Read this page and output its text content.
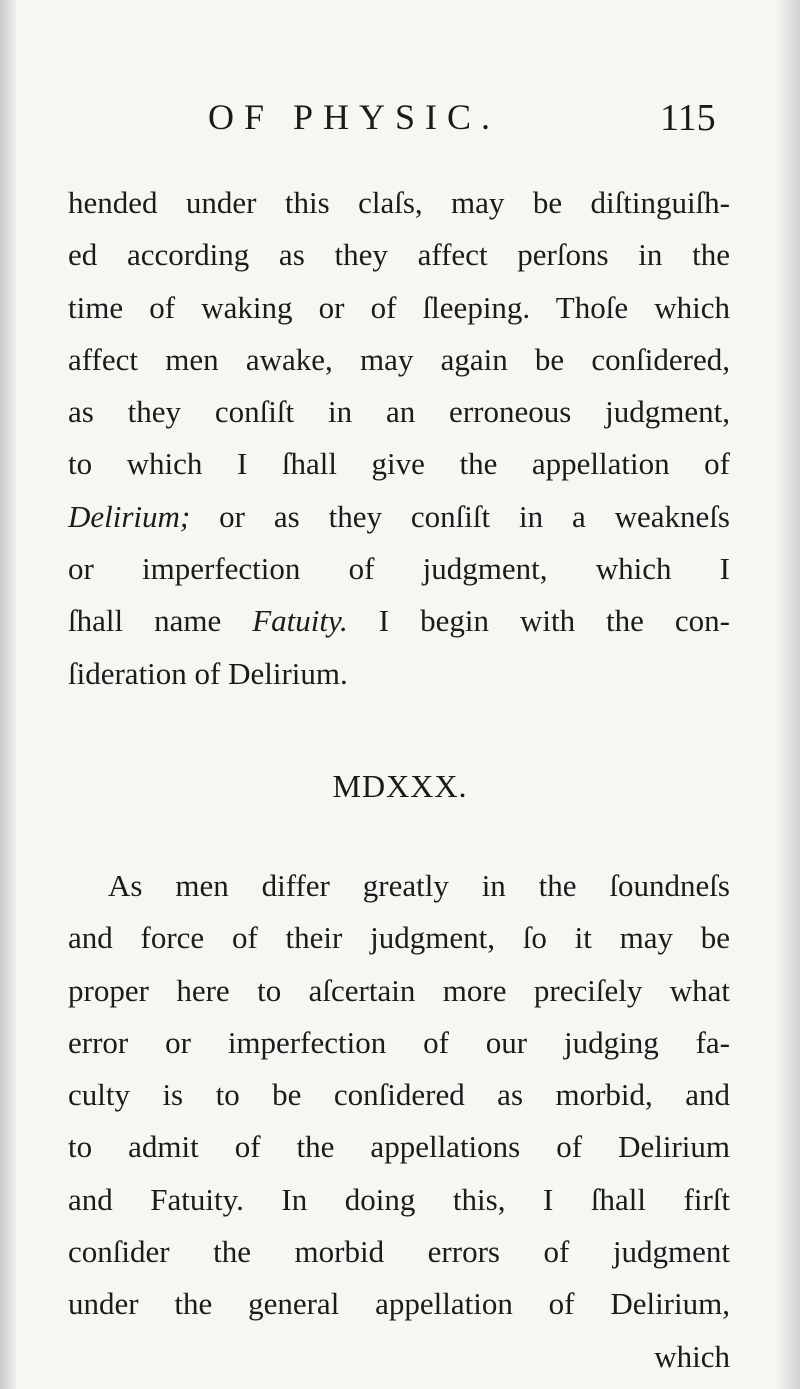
OF PHYSIC.	115
hended under this claſs, may be diſtinguiſh-
ed according as they affect perſons in the
time of waking or of ſleeping. Thoſe which
affect men awake, may again be conſidered,
as they conſiſt in an erroneous judgment,
to which I ſhall give the appellation of
Delirium; or as they conſiſt in a weakneſs
or imperfection of judgment, which I
ſhall name Fatuity. I begin with the con-
ſideration of Delirium.
MDXXX.
As men differ greatly in the ſoundneſs
and force of their judgment, ſo it may be
proper here to aſcertain more preciſely what
error or imperfection of our judging fa-
culty is to be conſidered as morbid, and
to admit of the appellations of Delirium
and Fatuity. In doing this, I ſhall firſt
conſider the morbid errors of judgment
under the general appellation of Delirium,
which
